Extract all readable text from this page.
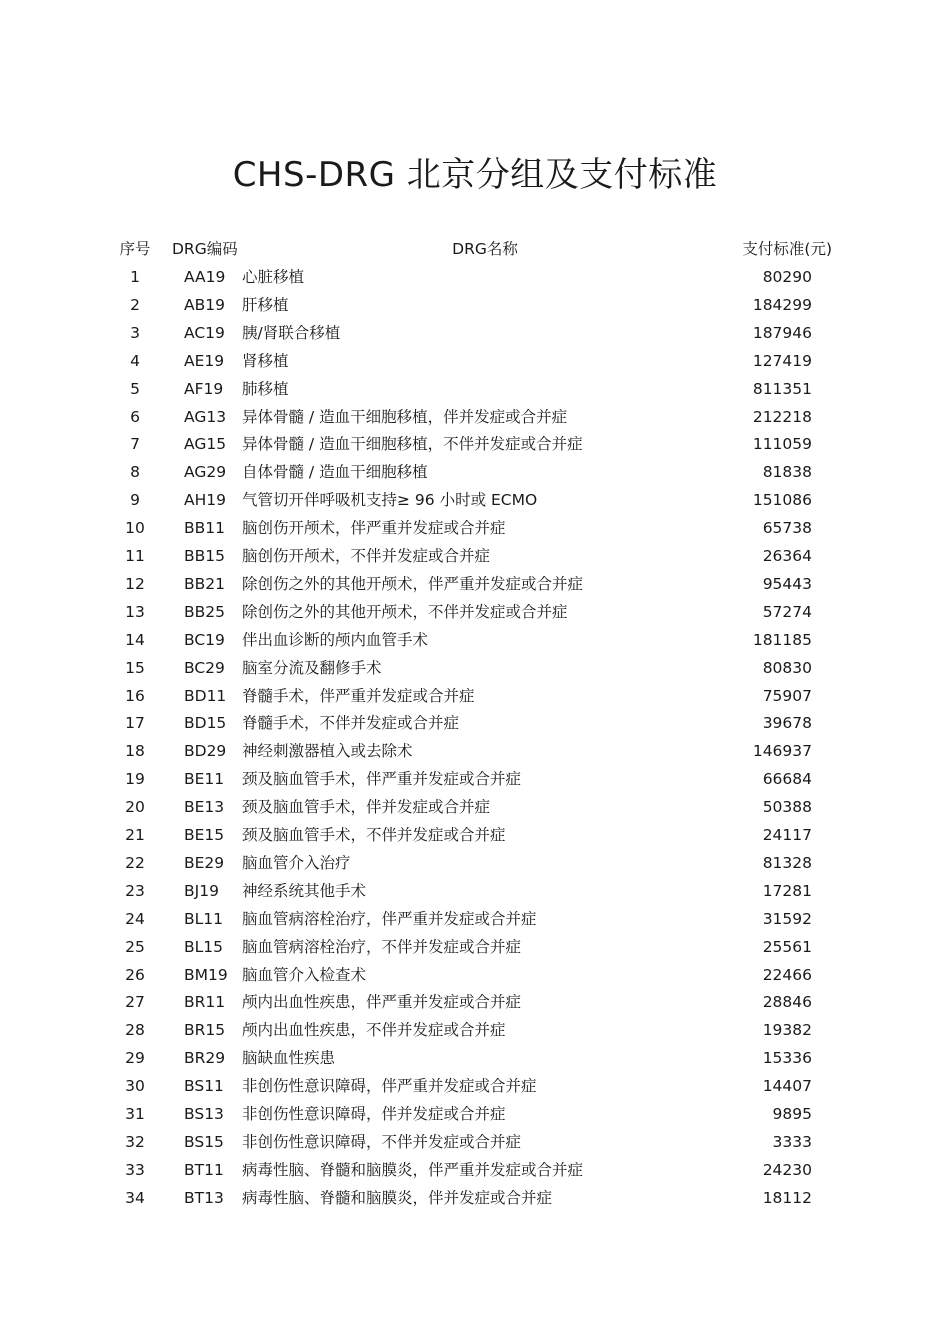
CHS-DRG 北京分组及支付标准
序号	DRG编码	DRG名称	支付标准(元)
1	AA19	心脏移植	80290
2	AB19	肝移植	184299
3	AC19	胰/肾联合移植	187946
4	AE19	肾移植	127419
5	AF19	肺移植	811351
6	AG13	异体骨髓 / 造血干细胞移植，伴并发症或合并症	212218
7	AG15	异体骨髓 / 造血干细胞移植，不伴并发症或合并症	111059
8	AG29	自体骨髓 / 造血干细胞移植	81838
9	AH19	气管切开伴呼吸机支持≥ 96 小时或 ECMO	151086
10	BB11	脑创伤开颅术，伴严重并发症或合并症	65738
11	BB15	脑创伤开颅术，不伴并发症或合并症	26364
12	BB21	除创伤之外的其他开颅术，伴严重并发症或合并症	95443
13	BB25	除创伤之外的其他开颅术，不伴并发症或合并症	57274
14	BC19	伴出血诊断的颅内血管手术	181185
15	BC29	脑室分流及翻修手术	80830
16	BD11	脊髓手术，伴严重并发症或合并症	75907
17	BD15	脊髓手术，不伴并发症或合并症	39678
18	BD29	神经刺激器植入或去除术	146937
19	BE11	颈及脑血管手术，伴严重并发症或合并症	66684
20	BE13	颈及脑血管手术，伴并发症或合并症	50388
21	BE15	颈及脑血管手术，不伴并发症或合并症	24117
22	BE29	脑血管介入治疗	81328
23	BJ19	神经系统其他手术	17281
24	BL11	脑血管病溶栓治疗，伴严重并发症或合并症	31592
25	BL15	脑血管病溶栓治疗，不伴并发症或合并症	25561
26	BM19 脑血管介入检查术	22466
27	BR11	颅内出血性疾患，伴严重并发症或合并症	28846
28	BR15	颅内出血性疾患，不伴并发症或合并症	19382
29	BR29	脑缺血性疾患	15336
30	BS11	非创伤性意识障碍，伴严重并发症或合并症	14407
31	BS13	非创伤性意识障碍，伴并发症或合并症	9895
32	BS15	非创伤性意识障碍，不伴并发症或合并症	3333
33	BT11	病毒性脑、脊髓和脑膜炎，伴严重并发症或合并症	24230
34	BT13	病毒性脑、脊髓和脑膜炎，伴并发症或合并症	18112
